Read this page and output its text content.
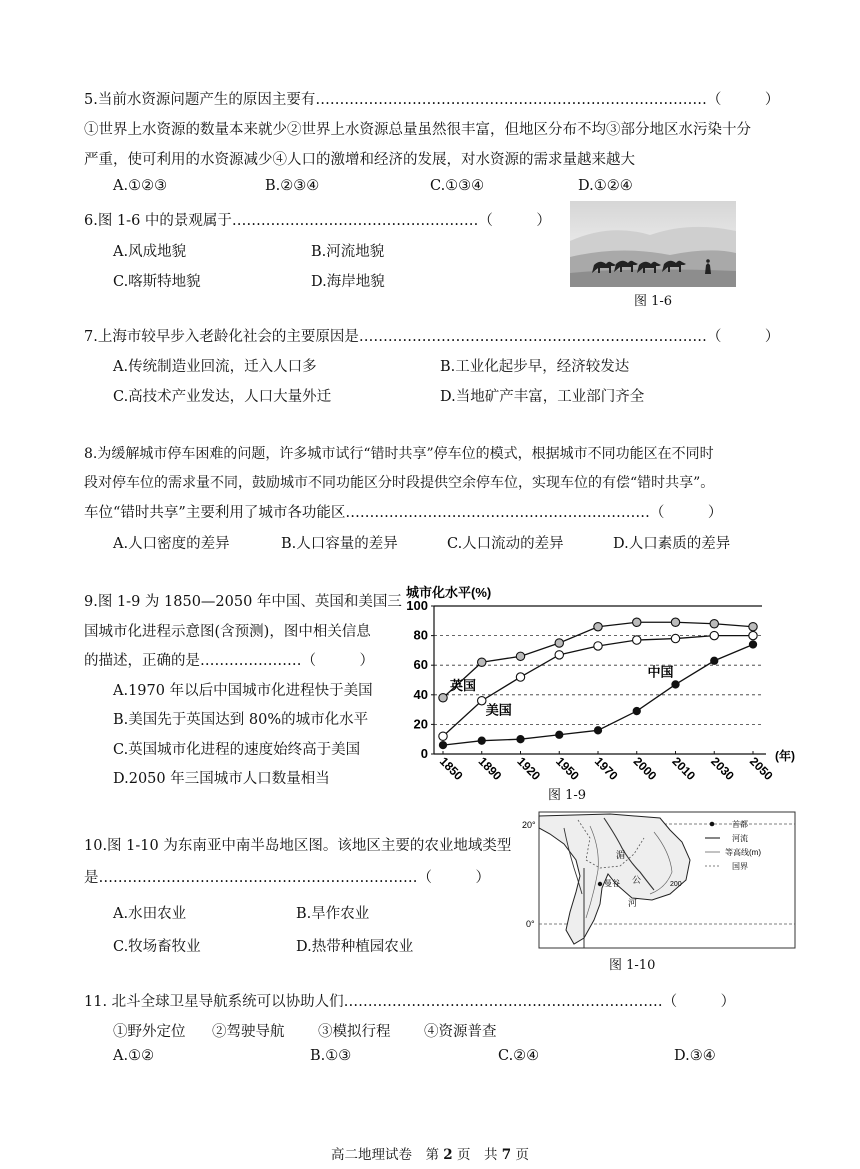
5.当前水资源问题产生的原因主要有………………………………………………………………………（　　　）
①世界上水资源的数量本来就少②世界上水资源总量虽然很丰富，但地区分布不均③部分地区水污染十分
严重，使可利用的水资源减少④人口的激增和经济的发展，对水资源的需求量越来越大
A.①②③	B.②③④	C.①③④	D.①②④
6.图 1-6 中的景观属于……………………………………………（　　　）
A.风成地貌	B.河流地貌
C.喀斯特地貌	D.海岸地貌
图 1-6
7.上海市较早步入老龄化社会的主要原因是………………………………………………………………（　　　）
A.传统制造业回流，迁入人口多	B.工业化起步早，经济较发达
C.高技术产业发达，人口大量外迁	D.当地矿产丰富，工业部门齐全
8.为缓解城市停车困难的问题，许多城市试行“错时共享”停车位的模式，根据城市不同功能区在不同时
段对停车位的需求量不同，鼓励城市不同功能区分时段提供空余停车位，实现车位的有偿“错时共享”。
车位“错时共享”主要利用了城市各功能区………………………………………………………（　　　）
A.人口密度的差异	B.人口容量的差异	C.人口流动的差异	D.人口素质的差异
9.图 1-9 为 1850—2050 年中国、英国和美国三
国城市化进程示意图(含预测)，图中相关信息
的描述，正确的是…………………（　　　）
A.1970 年以后中国城市化进程快于美国
B.美国先于英国达到 80%的城市化水平
C.英国城市化进程的速度始终高于美国
D.2050 年三国城市人口数量相当
城市化水平(%)
(年)
0
20
40
60
80
100
1850 1890 1920 1950 1970 2000 2010 2030 2050
英国
美国
中国
图 1-9
10.图 1-10 为东南亚中南半岛地区图。该地区主要的农业地域类型
是…………………………………………………………（　　　）
A.水田农业	B.旱作农业
C.牧场畜牧业	D.热带种植园农业
20°
0°
湄
公
河
曼谷	200
首都
河流
等高线(m)
国界
图 1-10
11. 北斗全球卫星导航系统可以协助人们…………………………………………………………（　　　）
①野外定位 ②驾驶导航 ③模拟行程 ④资源普查
A.①②	B.①③	C.②④	D.③④
高二地理试卷　第 2 页　共 7 页
